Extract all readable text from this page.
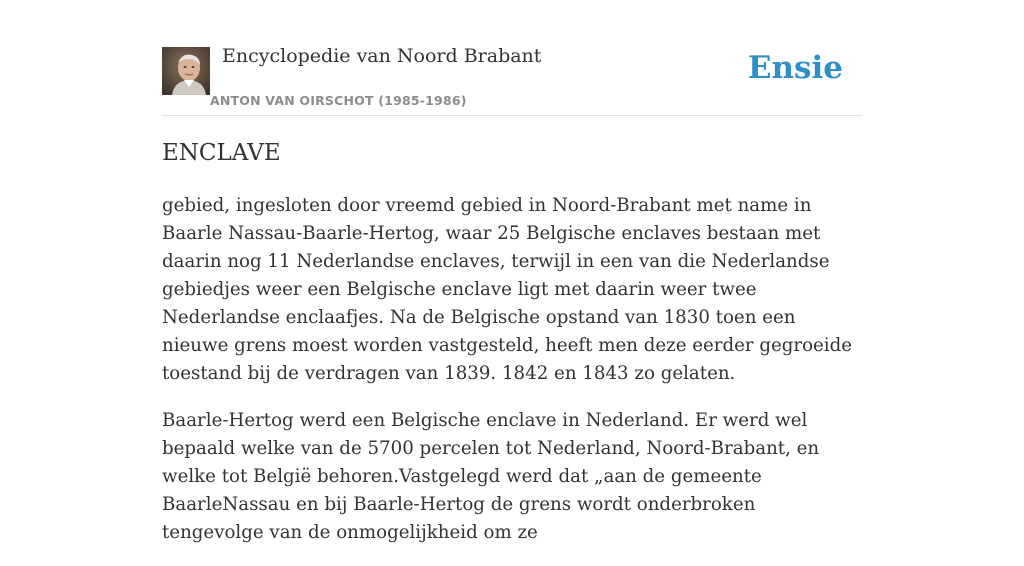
Encyclopedie van Noord Brabant
ANTON VAN OIRSCHOT (1985-1986)
Ensie
ENCLAVE

gebied, ingesloten door vreemd gebied in Noord-Brabant met name in Baarle Nassau-Baarle-Hertog, waar 25 Belgische enclaves bestaan met daarin nog 11 Nederlandse enclaves, terwijl in een van die Nederlandse gebiedjes weer een Belgische enclave ligt met daarin weer twee Nederlandse enclaafjes. Na de Belgische opstand van 1830 toen een nieuwe grens moest worden vastgesteld, heeft men deze eerder gegroeide toestand bij de verdragen van 1839. 1842 en 1843 zo gelaten.

Baarle-Hertog werd een Belgische enclave in Nederland. Er werd wel bepaald welke van de 5700 percelen tot Nederland, Noord-Brabant, en welke tot België behoren.Vastgelegd werd dat „aan de gemeente BaarleNassau en bij Baarle-Hertog de grens wordt onderbroken tengevolge van de onmogelijkheid om ze
